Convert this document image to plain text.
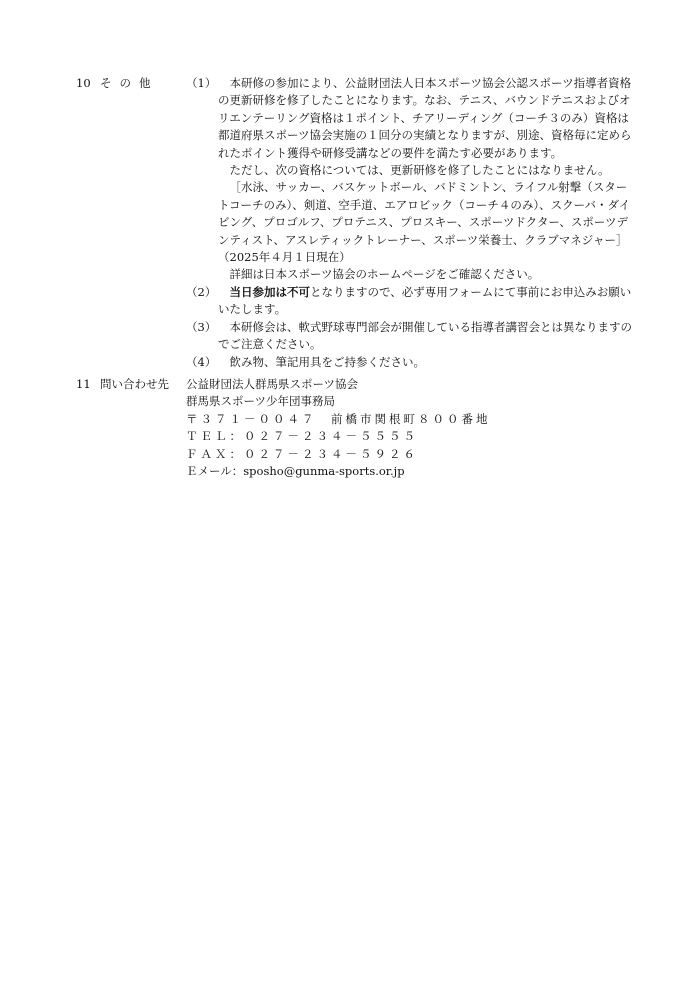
10 その他 （1）	本研修の参加により、公益財団法人日本スポーツ協会公認スポーツ指導者資格の更新研修を修了したことになります。なお、テニス、バウンドテニスおよびオリエンテーリング資格は１ポイント、チアリーディング（コーチ３のみ）資格は都道府県スポーツ協会実施の１回分の実績となりますが、別途、資格毎に定められたポイント獲得や研修受講などの要件を満たす必要があります。

ただし、次の資格については、更新研修を修了したことにはなりません。

［水泳、サッカー、バスケットボール、バドミントン、ライフル射撃（スタートコーチのみ）、剣道、空手道、エアロビック（コーチ４のみ）、スクーバ・ダイビング、プロゴルフ、プロテニス、プロスキー、スポーツドクター、スポーツデンティスト、アスレティックトレーナー、スポーツ栄養士、クラブマネジャー］（2025年４月１日現在）

詳細は日本スポーツ協会のホームページをご確認ください。

（2）	当日参加は不可となりますので、必ず専用フォームにて事前にお申込みお願いいたします。

（3）	本研修会は、軟式野球専門部会が開催している指導者講習会とは異なりますのでご注意ください。

（4）	飲み物、筆記用具をご持参ください。

11 問い合わせ先 公益財団法人群馬県スポーツ協会

群馬県スポーツ少年団事務局

〒３７１－００４７　前橋市関根町８００番地

ＴＥＬ：０２７－２３４－５５５５

ＦＡＸ：０２７－２３４－５９２６

Ｅメール：sposho@gunma-sports.or.jp
